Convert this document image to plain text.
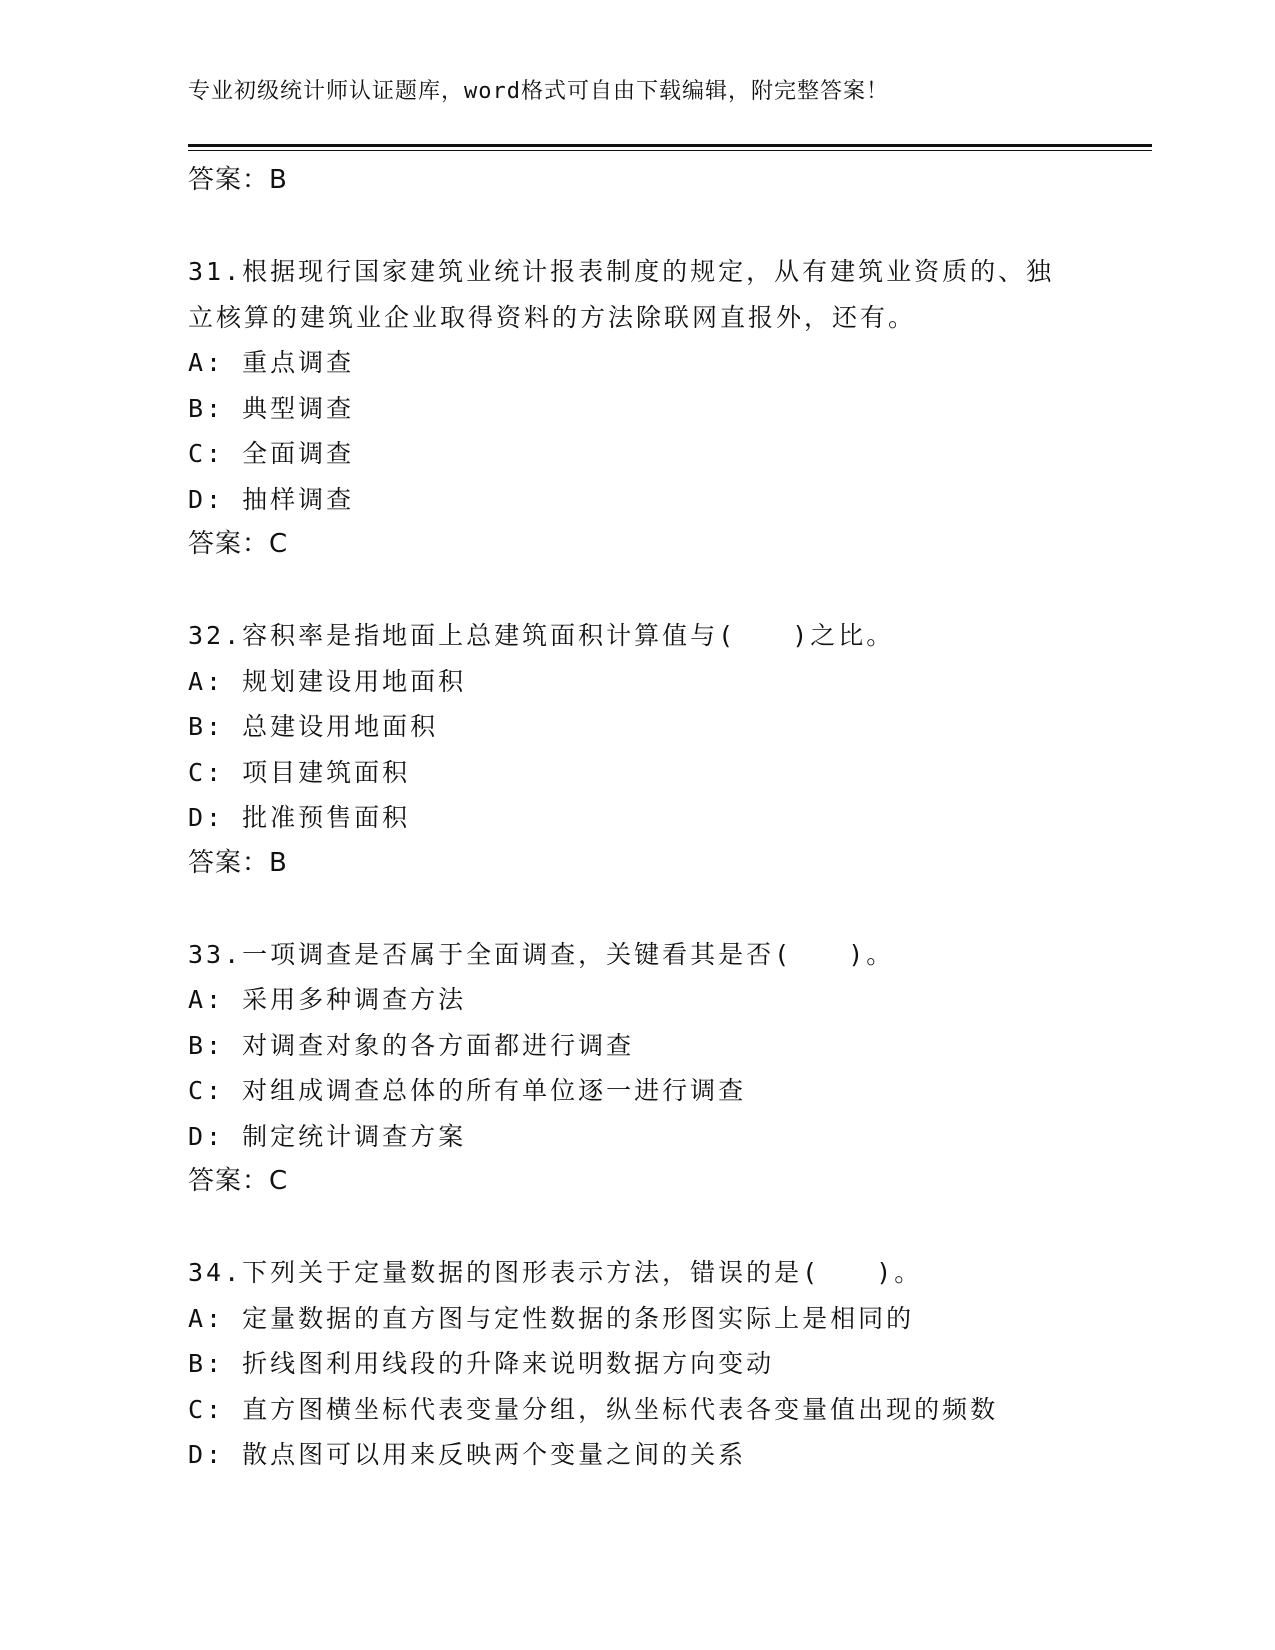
专业初级统计师认证题库，word格式可自由下载编辑，附完整答案！
答案：B
31.根据现行国家建筑业统计报表制度的规定，从有建筑业资质的、独
立核算的建筑业企业取得资料的方法除联网直报外，还有。
A: 重点调查
B: 典型调查
C: 全面调查
D: 抽样调查
答案：C
32.容积率是指地面上总建筑面积计算值与(　　)之比。
A: 规划建设用地面积
B: 总建设用地面积
C: 项目建筑面积
D: 批准预售面积
答案：B
33.一项调查是否属于全面调查，关键看其是否(　　)。
A: 采用多种调查方法
B: 对调查对象的各方面都进行调查
C: 对组成调查总体的所有单位逐一进行调查
D: 制定统计调查方案
答案：C
34.下列关于定量数据的图形表示方法，错误的是(　　)。
A: 定量数据的直方图与定性数据的条形图实际上是相同的
B: 折线图利用线段的升降来说明数据方向变动
C: 直方图横坐标代表变量分组，纵坐标代表各变量值出现的频数
D: 散点图可以用来反映两个变量之间的关系
